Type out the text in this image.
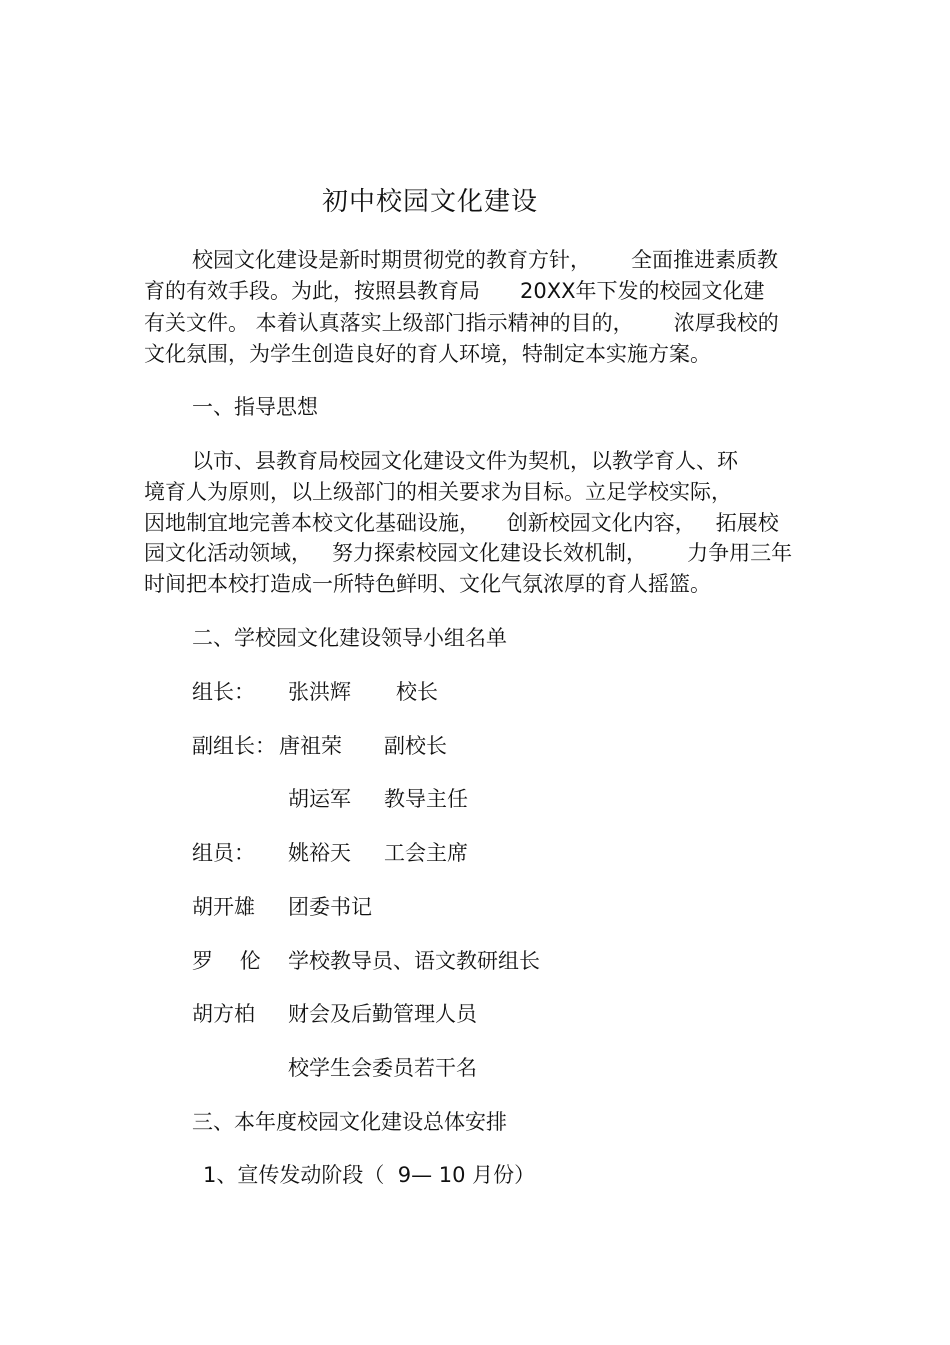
初中校园文化建设
校园文化建设是新时期贯彻党的教育方针，      全面推进素质教
育的有效手段。为此，按照县教育局      20XX年下发的校园文化建
有关文件。 本着认真落实上级部门指示精神的目的，      浓厚我校的
文化氛围，为学生创造良好的育人环境，特制定本实施方案。
一、指导思想
以市、县教育局校园文化建设文件为契机，以教学育人、环
境育人为原则，以上级部门的相关要求为目标。立足学校实际，
因地制宜地完善本校文化基础设施，    创新校园文化内容，   拓展校
园文化活动领域，   努力探索校园文化建设长效机制，      力争用三年
时间把本校打造成一所特色鲜明、文化气氛浓厚的育人摇篮。
二、学校园文化建设领导小组名单
组长： 张洪辉 校长
副组长： 唐祖荣 副校长
胡运军 教导主任
组员： 姚裕天 工会主席
胡开雄 团委书记
罗    伦 学校教导员、语文教研组长
胡方柏 财会及后勤管理人员
校学生会委员若干名
三、本年度校园文化建设总体安排
1、宣传发动阶段（  9— 10 月份）
